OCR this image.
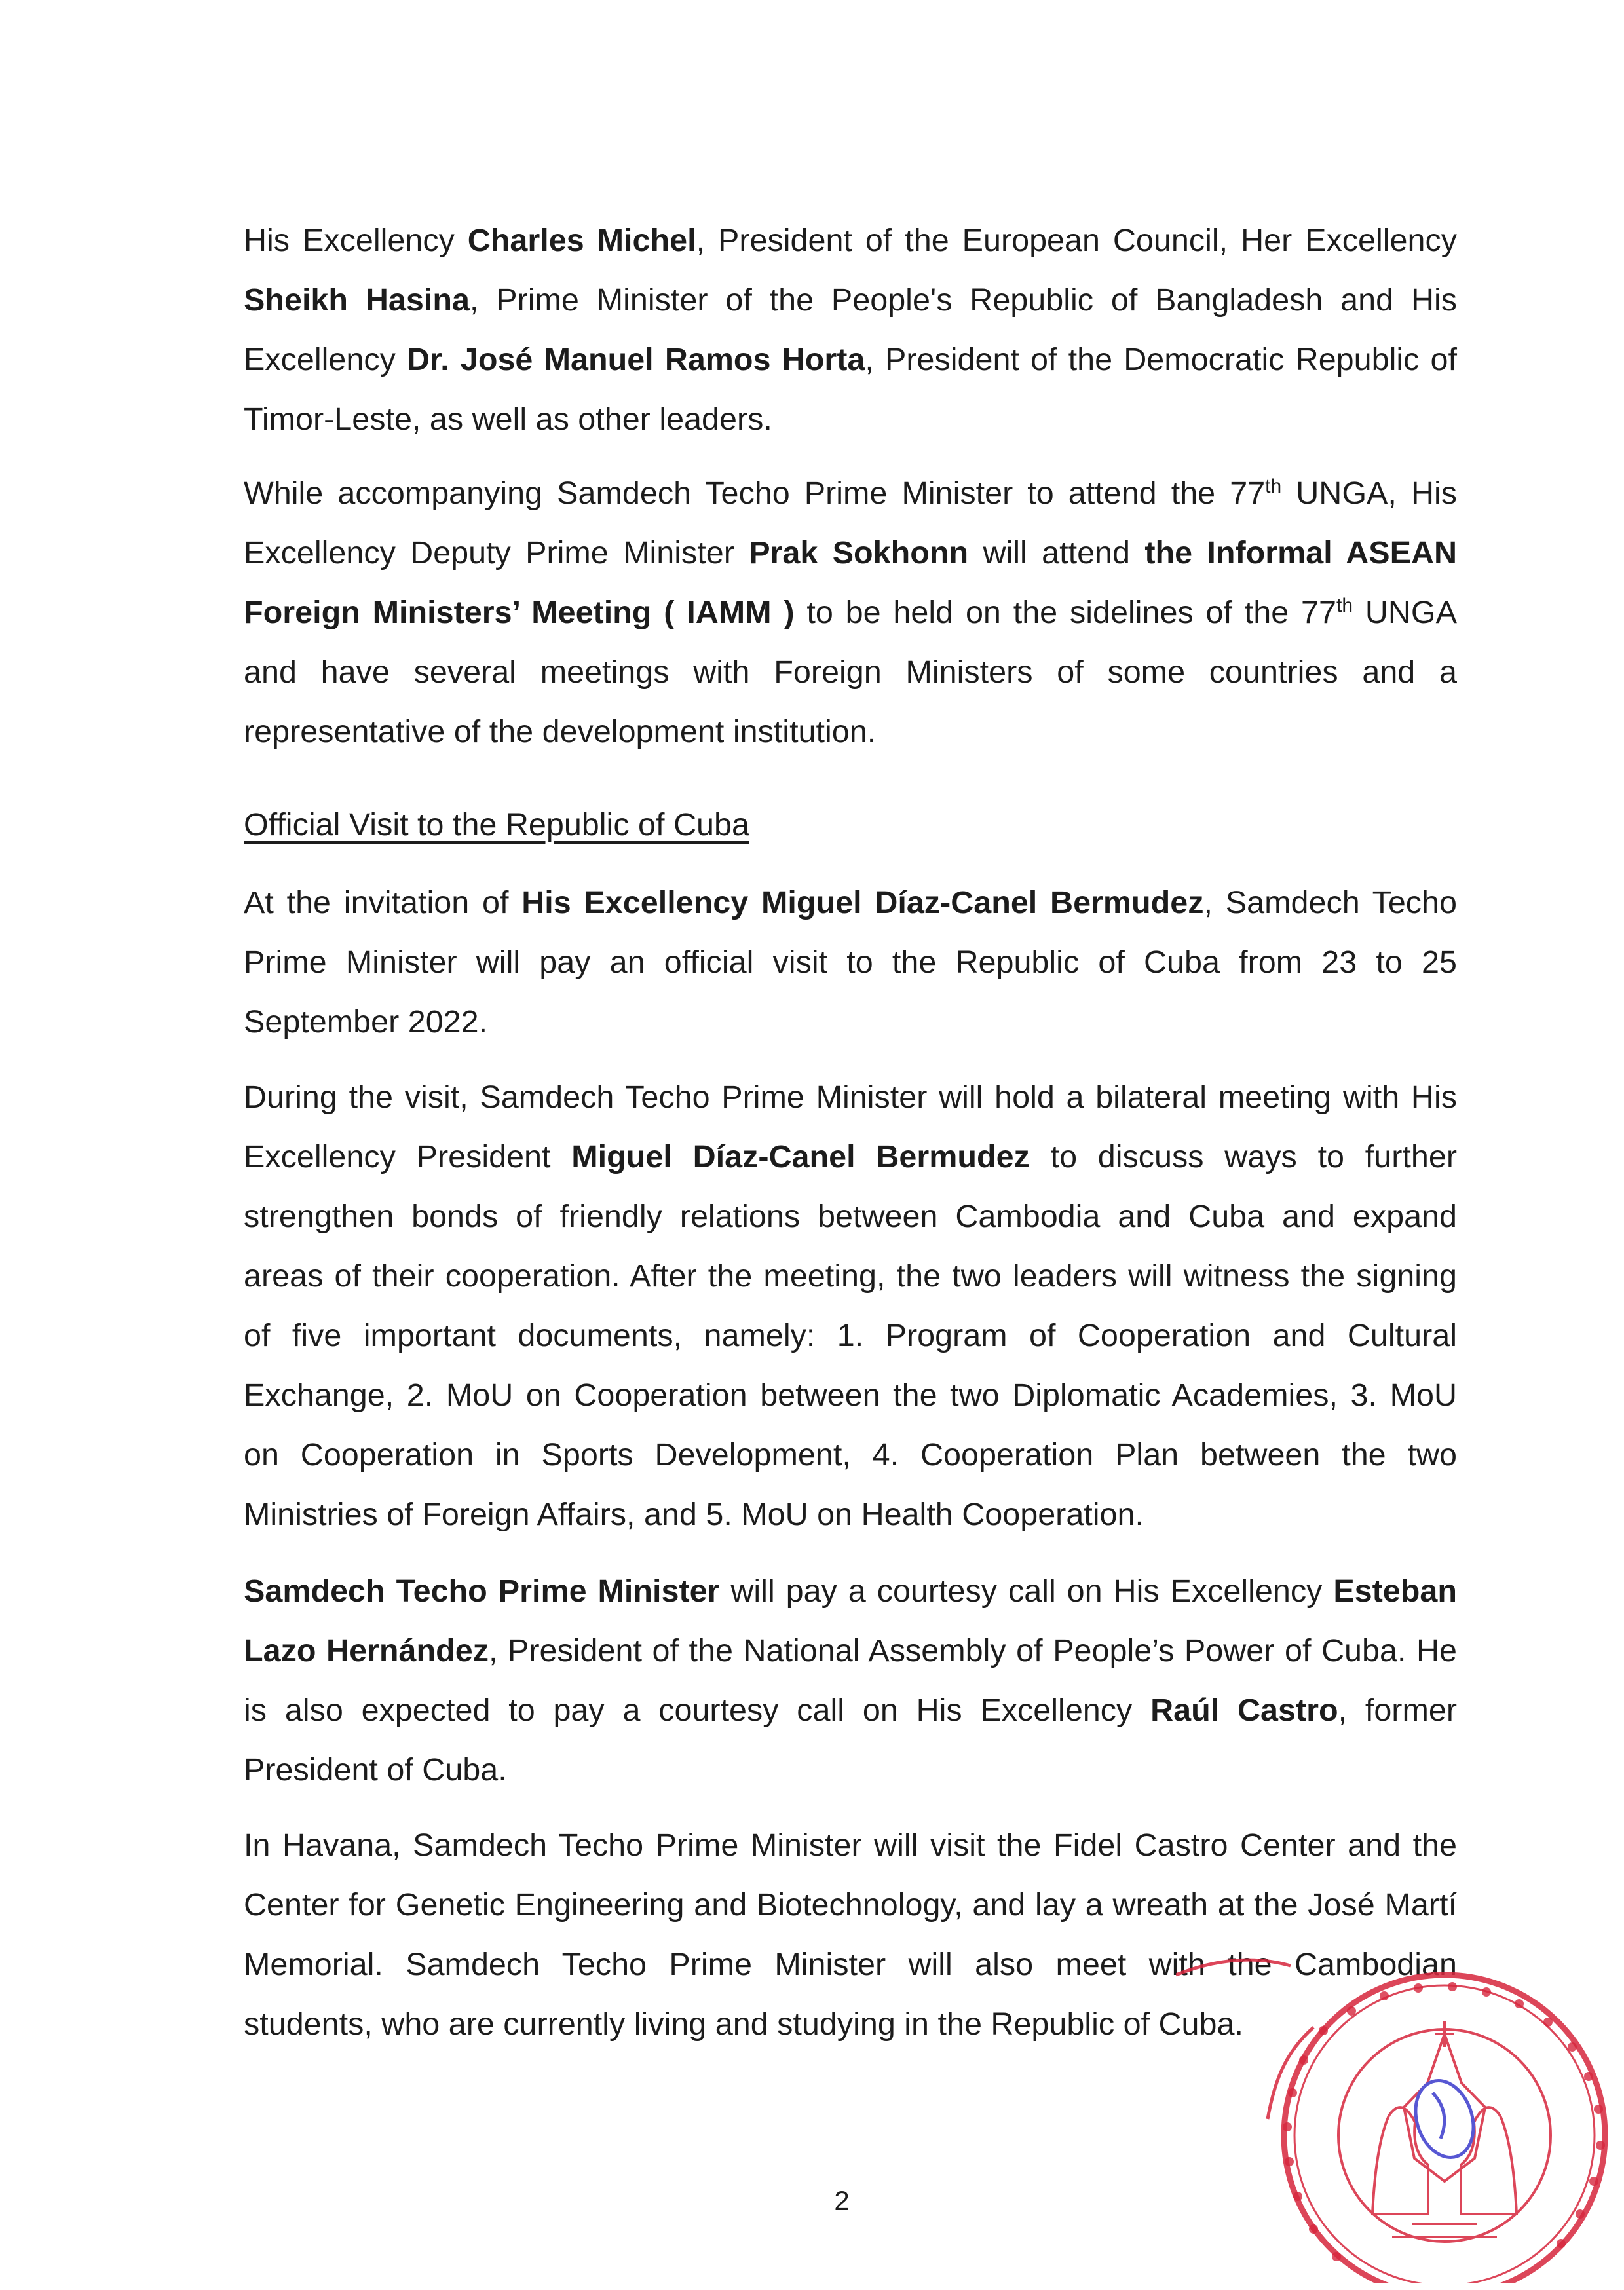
His Excellency Charles Michel, President of the European Council, Her Excellency Sheikh Hasina, Prime Minister of the People's Republic of Bangladesh and His Excellency Dr. José Manuel Ramos Horta, President of the Democratic Republic of Timor-Leste, as well as other leaders.

While accompanying Samdech Techo Prime Minister to attend the 77th UNGA, His Excellency Deputy Prime Minister Prak Sokhonn will attend the Informal ASEAN Foreign Ministers’ Meeting ( IAMM ) to be held on the sidelines of the 77th UNGA and have several meetings with Foreign Ministers of some countries and a representative of the development institution.

Official Visit to the Republic of Cuba

At the invitation of His Excellency Miguel Díaz-Canel Bermudez, Samdech Techo Prime Minister will pay an official visit to the Republic of Cuba from 23 to 25 September 2022.

During the visit, Samdech Techo Prime Minister will hold a bilateral meeting with His Excellency President Miguel Díaz-Canel Bermudez to discuss ways to further strengthen bonds of friendly relations between Cambodia and Cuba and expand areas of their cooperation. After the meeting, the two leaders will witness the signing of five important documents, namely: 1. Program of Cooperation and Cultural Exchange, 2. MoU on Cooperation between the two Diplomatic Academies, 3. MoU on Cooperation in Sports Development, 4. Cooperation Plan between the two Ministries of Foreign Affairs, and 5. MoU on Health Cooperation.

Samdech Techo Prime Minister will pay a courtesy call on His Excellency Esteban Lazo Hernández, President of the National Assembly of People’s Power of Cuba. He is also expected to pay a courtesy call on His Excellency Raúl Castro, former President of Cuba.

In Havana, Samdech Techo Prime Minister will visit the Fidel Castro Center and the Center for Genetic Engineering and Biotechnology, and lay a wreath at the José Martí Memorial. Samdech Techo Prime Minister will also meet with the Cambodian students, who are currently living and studying in the Republic of Cuba.

2
